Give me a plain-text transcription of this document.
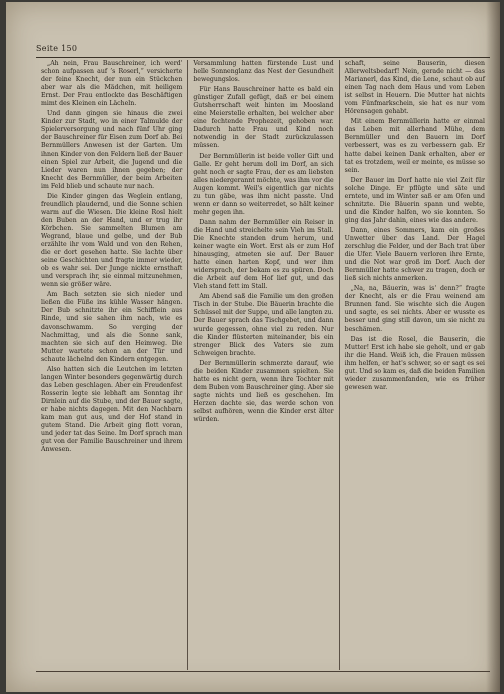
Seite 150

„Ah nein, Frau Bauschreiner, ich werd' schon aufpassen auf ’s Roserl,“ versicherte der feine Knecht, der nun ein Stückchen aber war als die Mädchen, mit heiligem Ernst. Der Frau entlockte das Beschäftigen mimt des Kleinen ein Lächeln.

Und dann gingen sie hinaus die zwei Kinder zur Stadt, wo in einer Talmulde der Spielerversorgung und nach fünf Uhr ging der Bauschreiner für Eisen zum Dorf ab. Bei Bernmüllers Anwesen ist der Garten. Um ihnen Kinder von den Feldern ließ der Bauer einen Spiel zur Arbeit, die Jugend und die Lieder waren nun ihnen gegeben; der Knecht des Bernmüller, der beim Arbeiten im Feld blieb und schaute nur nach.

Die Kinder gingen das Weglein entlang, freundlich plaudernd, und die Sonne schien warm auf die Wiesen. Die kleine Rosl hielt den Buben an der Hand, und er trug ihr Körbchen. Sie sammelten Blumen am Wegrand, blaue und gelbe, und der Bub erzählte ihr vom Wald und von den Rehen, die er dort gesehen hatte. Sie lachte über seine Geschichten und fragte immer wieder, ob es wahr sei. Der Junge nickte ernsthaft und versprach ihr, sie einmal mitzunehmen, wenn sie größer wäre.

Am Bach setzten sie sich nieder und ließen die Füße ins kühle Wasser hängen. Der Bub schnitzte ihr ein Schifflein aus Rinde, und sie sahen ihm nach, wie es davonschwamm. So verging der Nachmittag, und als die Sonne sank, machten sie sich auf den Heimweg. Die Mutter wartete schon an der Tür und schaute lächelnd den Kindern entgegen.

Also hatten sich die Leutchen im letzten langen Winter besonders gegenwärtig durch das Leben geschlagen. Aber ein Freudenfest Rosserin legte sie lebhaft am Sonntag ihr Dirnlein auf die Stube, und der Bauer sagte, er habe nichts dagegen. Mit den Nachbarn kam man gut aus, und der Hof stand in gutem Stand. Die Arbeit ging flott voran, und jeder tat das Seine. Im Dorf sprach man gut von der Familie Bauschreiner und ihrem Anwesen.

Versammlung hatten fürstende Lust und helle Sonnenglanz das Nest der Gesundheit bewegungslos.

Für Hans Bauschreiner hatte es bald ein günstiger Zufall gefügt, daß er bei einem Gutsherrschaft weit hinten im Moosland eine Meierstelle erhalten, bei welcher aber eine fechtende Prophezeit, gehoben war. Dadurch hatte Frau und Kind noch notwendig in der Stadt zurückzulassen müssen.

Der Bernmüllerin ist beide voller Gift und Galle. Er geht herum doll im Dorf, an sich geht noch er sagte Frau, der es am liebsten alles niedergerannt möchte, was ihm vor die Augen kommt. Weil's eigentlich gar nichts zu tun gäbe, was ihm nicht passte. Und wenn er dann so weiterredet, so hält keiner mehr gegen ihn.

Dann nahm der Bernmüller ein Reiser in die Hand und streichelte sein Vieh im Stall. Die Knechte standen drum herum, und keiner wagte ein Wort. Erst als er zum Hof hinausging, atmeten sie auf. Der Bauer hatte einen harten Kopf, und wer ihm widersprach, der bekam es zu spüren. Doch die Arbeit auf dem Hof lief gut, und das Vieh stand fett im Stall.

Am Abend saß die Familie um den großen Tisch in der Stube. Die Bäuerin brachte die Schüssel mit der Suppe, und alle langten zu. Der Bauer sprach das Tischgebet, und dann wurde gegessen, ohne viel zu reden. Nur die Kinder flüsterten miteinander, bis ein strenger Blick des Vaters sie zum Schweigen brachte.

Der Bernmüllerin schmerzte darauf, wie die beiden Kinder zusammen spielten. Sie hatte es nicht gern, wenn ihre Tochter mit dem Buben vom Bauschreiner ging. Aber sie sagte nichts und ließ es geschehen. Im Herzen dachte sie, das werde schon von selbst aufhören, wenn die Kinder erst älter würden.

schaft, seine Bauserin, diesen Allerweltsbedarf! Nein, gerade nicht — das Marianerl, das Kind, die Lene, schaut ob auf einen Tag nach dem Haus und vom Leben ist selbst in Heuern. Die Mutter hat nichts vom Fünfmarkschein, sie hat es nur vom Hörensagen gehabt.

Mit einem Bernmüllerin hatte er einmal das Leben mit allerhand Mühe, dem Bernmüller und den Bauern im Dorf verbessert, was es zu verbessern gab. Er hatte dabei keinen Dank erhalten, aber er tat es trotzdem, weil er meinte, es müsse so sein.

Der Bauer im Dorf hatte nie viel Zeit für solche Dinge. Er pflügte und säte und erntete, und im Winter saß er am Ofen und schnitzte. Die Bäuerin spann und webte, und die Kinder halfen, wo sie konnten. So ging das Jahr dahin, eines wie das andere.

Dann, eines Sommers, kam ein großes Unwetter über das Land. Der Hagel zerschlug die Felder, und der Bach trat über die Ufer. Viele Bauern verloren ihre Ernte, und die Not war groß im Dorf. Auch der Bernmüller hatte schwer zu tragen, doch er ließ sich nichts anmerken.

„Na, na, Bäuerin, was is' denn?“ fragte der Knecht, als er die Frau weinend am Brunnen fand. Sie wischte sich die Augen und sagte, es sei nichts. Aber er wusste es besser und ging still davon, um sie nicht zu beschämen.

Das ist die Rosel, die Bauserin, die Mutter! Erst ich habe sie geholt, und er gab ihr die Hand. Weiß ich, die Frauen müssen ihm helfen, er hat's schwer, so er sagt es sei gut. Und so kam es, daß die beiden Familien wieder zusammenfanden, wie es früher gewesen war.
